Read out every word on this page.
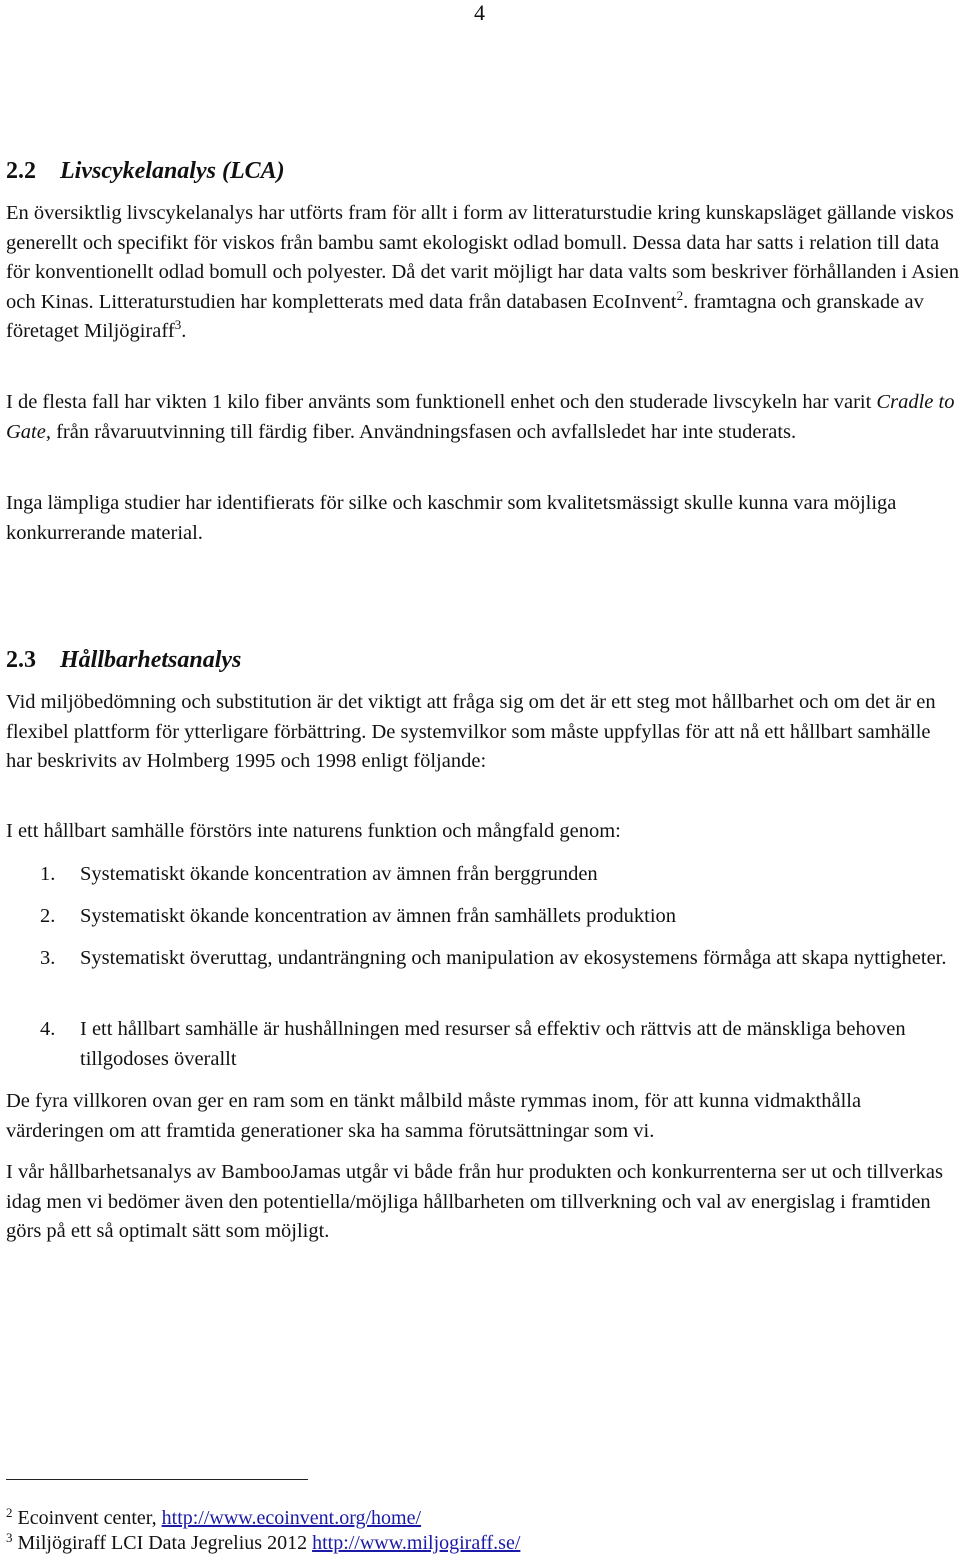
4
2.2 Livscykelanalys (LCA)

En översiktlig livscykelanalys har utförts fram för allt i form av litteraturstudie kring kunskapsläget gällande viskos generellt och specifikt för viskos från bambu samt ekologiskt odlad bomull. Dessa data har satts i relation till data för konventionellt odlad bomull och polyester. Då det varit möjligt har data valts som beskriver förhållanden i Asien och Kinas. Litteraturstudien har kompletterats med data från databasen EcoInvent$^2$. framtagna och granskade av företaget Miljögiraff$^3$.

I de flesta fall har vikten 1 kilo fiber använts som funktionell enhet och den studerade livscykeln har varit Cradle to Gate, från råvaruutvinning till färdig fiber. Användningsfasen och avfallsledet har inte studerats.

Inga lämpliga studier har identifierats för silke och kaschmir som kvalitetsmässigt skulle kunna vara möjliga konkurrerande material.

2.3 Hållbarhetsanalys

Vid miljöbedömning och substitution är det viktigt att fråga sig om det är ett steg mot hållbarhet och om det är en flexibel plattform för ytterligare förbättring. De systemvilkor som måste uppfyllas för att nå ett hållbart samhälle har beskrivits av Holmberg 1995 och 1998 enligt följande:

I ett hållbart samhälle förstörs inte naturens funktion och mångfald genom:

1. Systematiskt ökande koncentration av ämnen från berggrunden

2. Systematiskt ökande koncentration av ämnen från samhällets produktion

3. Systematiskt överuttag, undanträngning och manipulation av ekosystemens förmåga att skapa nyttigheter.

4. I ett hållbart samhälle är hushållningen med resurser så effektiv och rättvis att de mänskliga behoven tillgodoses överallt

De fyra villkoren ovan ger en ram som en tänkt målbild måste rymmas inom, för att kunna vidmakthålla värderingen om att framtida generationer ska ha samma förutsättningar som vi.

I vår hållbarhetsanalys av BambooJamas utgår vi både från hur produkten och konkurrenterna ser ut och tillverkas idag men vi bedömer även den potentiella/möjliga hållbarheten om tillverkning och val av energislag i framtiden görs på ett så optimalt sätt som möjligt.

$^2$ Ecoinvent center, http://www.ecoinvent.org/home/
$^3$ Miljögiraff LCI Data Jegrelius 2012 http://www.miljogiraff.se/
